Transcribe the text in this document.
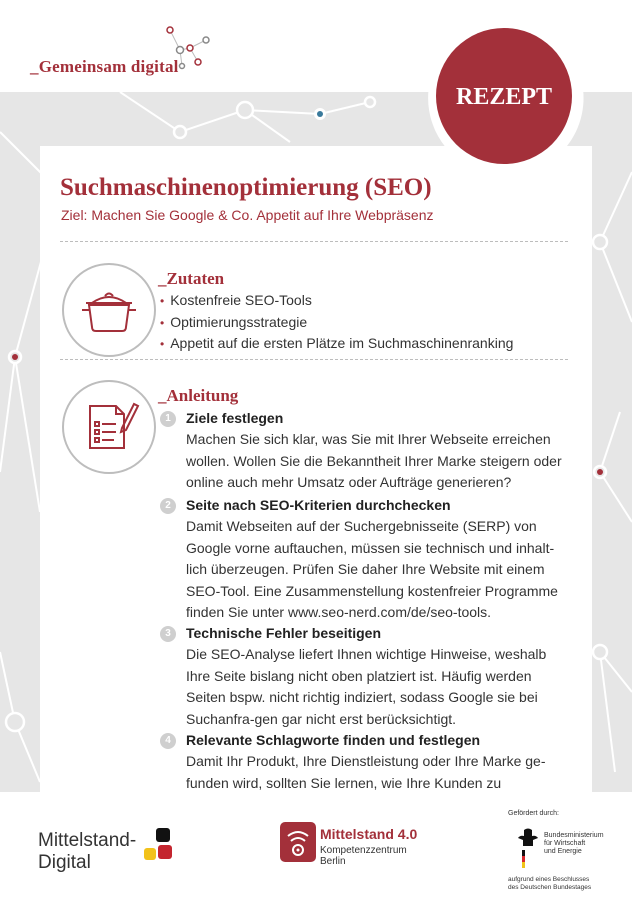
_Gemeinsam digital
REZEPT
Suchmaschinenoptimierung (SEO)
Ziel: Machen Sie Google & Co. Appetit auf Ihre Webpräsenz
_Zutaten
• Kostenfreie SEO-Tools
• Optimierungsstrategie
• Appetit auf die ersten Plätze im Suchmaschinenranking
_Anleitung
1	Ziele festlegen

Machen Sie sich klar, was Sie mit Ihrer Webseite erreichen wollen. Wollen Sie die Bekanntheit Ihrer Marke steigern oder online auch mehr Umsatz oder Aufträge generieren?

2	Seite nach SEO-Kriterien durchchecken

Damit Webseiten auf der Suchergebnisseite (SERP) von Google vorne auftauchen, müssen sie technisch und inhalt-lich überzeugen. Prüfen Sie daher Ihre Website mit einem SEO-Tool. Eine Zusammenstellung kostenfreier Programme finden Sie unter www.seo-nerd.com/de/seo-tools.

3	Technische Fehler beseitigen

Die SEO-Analyse liefert Ihnen wichtige Hinweise, weshalb Ihre Seite bislang nicht oben platziert ist. Häufig werden Seiten bspw. nicht richtig indiziert, sodass Google sie bei Suchanfra-gen gar nicht erst berücksichtigt.

4	Relevante Schlagworte finden und festlegen

Damit Ihr Produkt, Ihre Dienstleistung oder Ihre Marke ge-funden wird, sollten Sie lernen, wie Ihre Kunden zu

Mittelstand-
Digital
Mittelstand 4.0
Kompetenzzentrum
Berlin
Gefördert durch:
Bundesministerium
für Wirtschaft
und Energie
aufgrund eines Beschlusses
des Deutschen Bundestages
